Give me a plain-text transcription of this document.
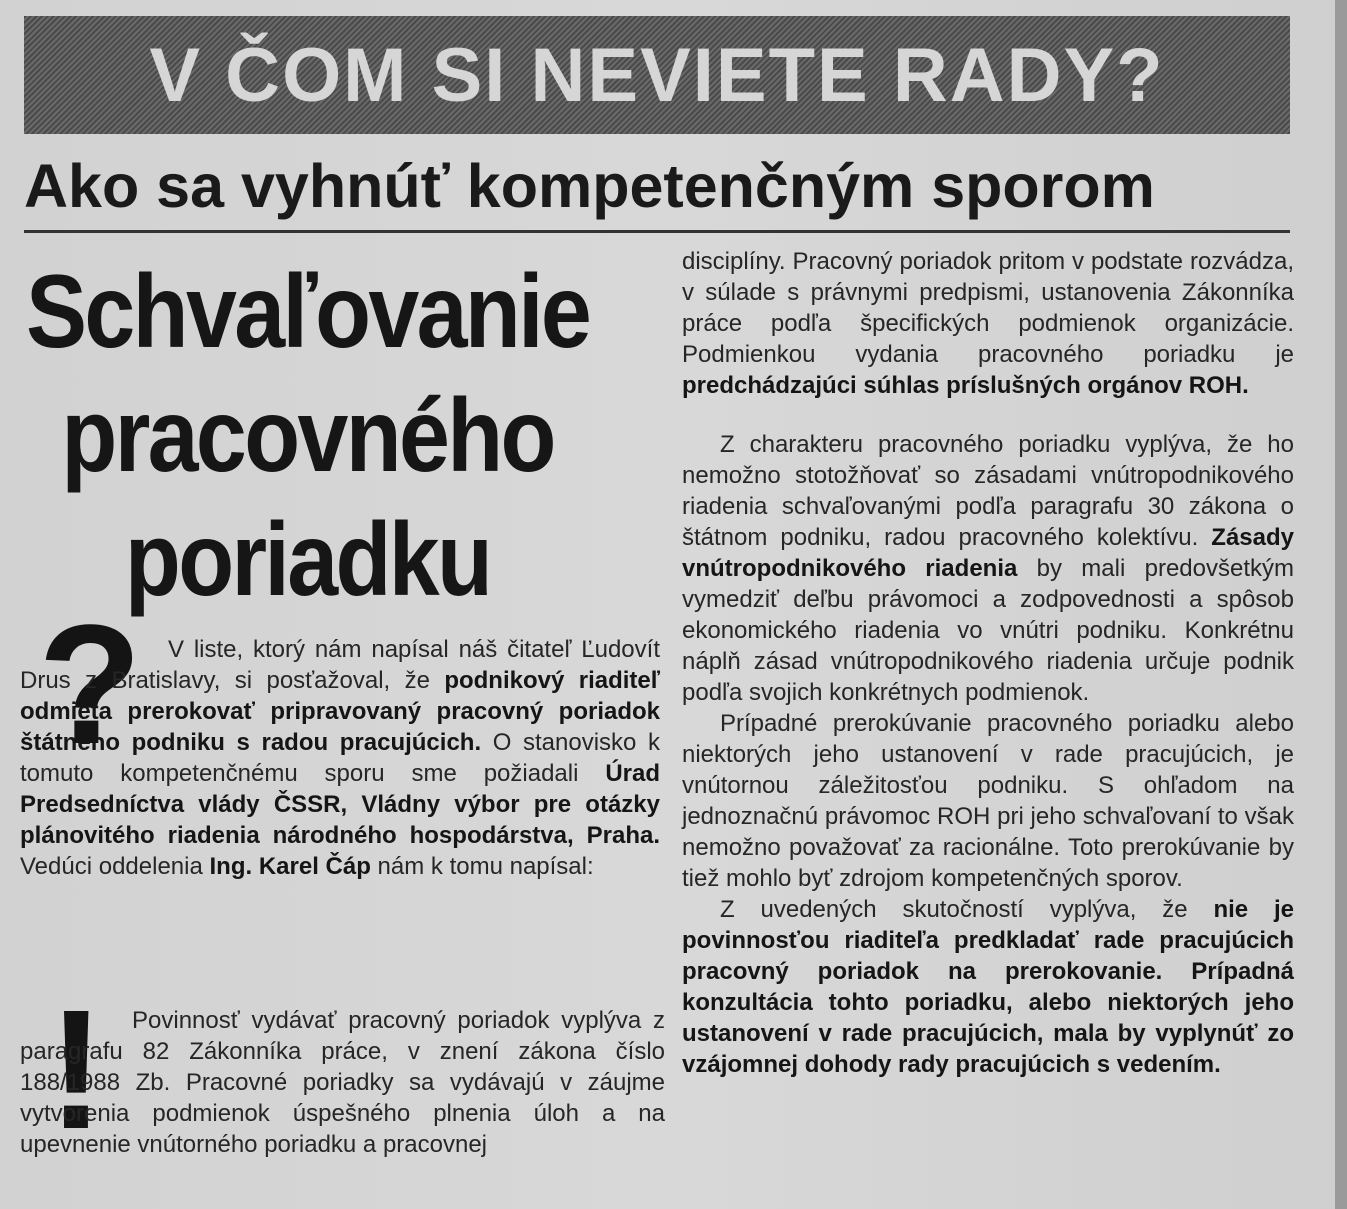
V ČOM SI NEVIETE RADY?
Ako sa vyhnúť kompetenčným sporom
Schvaľovanie
pracovného
poriadku
?	V liste, ktorý nám napísal náš čitateľ Ľudovít Drus z Bratislavy, si posťažoval, že podnikový riaditeľ odmieta prerokovať pripravovaný pracovný poriadok štátneho podniku s radou pracujúcich. O stanovisko k tomuto kompetenčnému sporu sme požiadali Úrad Predsedníctva vlády ČSSR, Vládny výbor pre otázky plánovitého riadenia národného hospodárstva, Praha. Vedúci oddelenia Ing. Karel Čáp nám k tomu napísal:

!	Povinnosť vydávať pracovný poriadok vyplýva z paragrafu 82 Zákonníka práce, v znení zákona číslo 188/1988 Zb. Pracovné poriadky sa vydávajú v záujme vytvorenia podmienok úspešného plnenia úloh a na upevnenie vnútorného poriadku a pracovnej

disciplíny. Pracovný poriadok pritom v podstate rozvádza, v súlade s právnymi predpismi, ustanovenia Zákonníka práce podľa špecifických podmienok organizácie. Podmienkou vydania pracovného poriadku je predchádzajúci súhlas príslušných orgánov ROH.

Z charakteru pracovného poriadku vyplýva, že ho nemožno stotožňovať so zásadami vnútropodnikového riadenia schvaľovanými podľa paragrafu 30 zákona o štátnom podniku, radou pracovného kolektívu. Zásady vnútropodnikového riadenia by mali predovšetkým vymedziť deľbu právomoci a zodpovednosti a spôsob ekonomického riadenia vo vnútri podniku. Konkrétnu náplň zásad vnútropodnikového riadenia určuje podnik podľa svojich konkrétnych podmienok.

Prípadné prerokúvanie pracovného poriadku alebo niektorých jeho ustanovení v rade pracujúcich, je vnútornou záležitosťou podniku. S ohľadom na jednoznačnú právomoc ROH pri jeho schvaľovaní to však nemožno považovať za racionálne. Toto prerokúvanie by tiež mohlo byť zdrojom kompetenčných sporov.

Z uvedených skutočností vyplýva, že nie je povinnosťou riaditeľa predkladať rade pracujúcich pracovný poriadok na prerokovanie. Prípadná konzultácia tohto poriadku, alebo niektorých jeho ustanovení v rade pracujúcich, mala by vyplynúť zo vzájomnej dohody rady pracujúcich s vedením.
